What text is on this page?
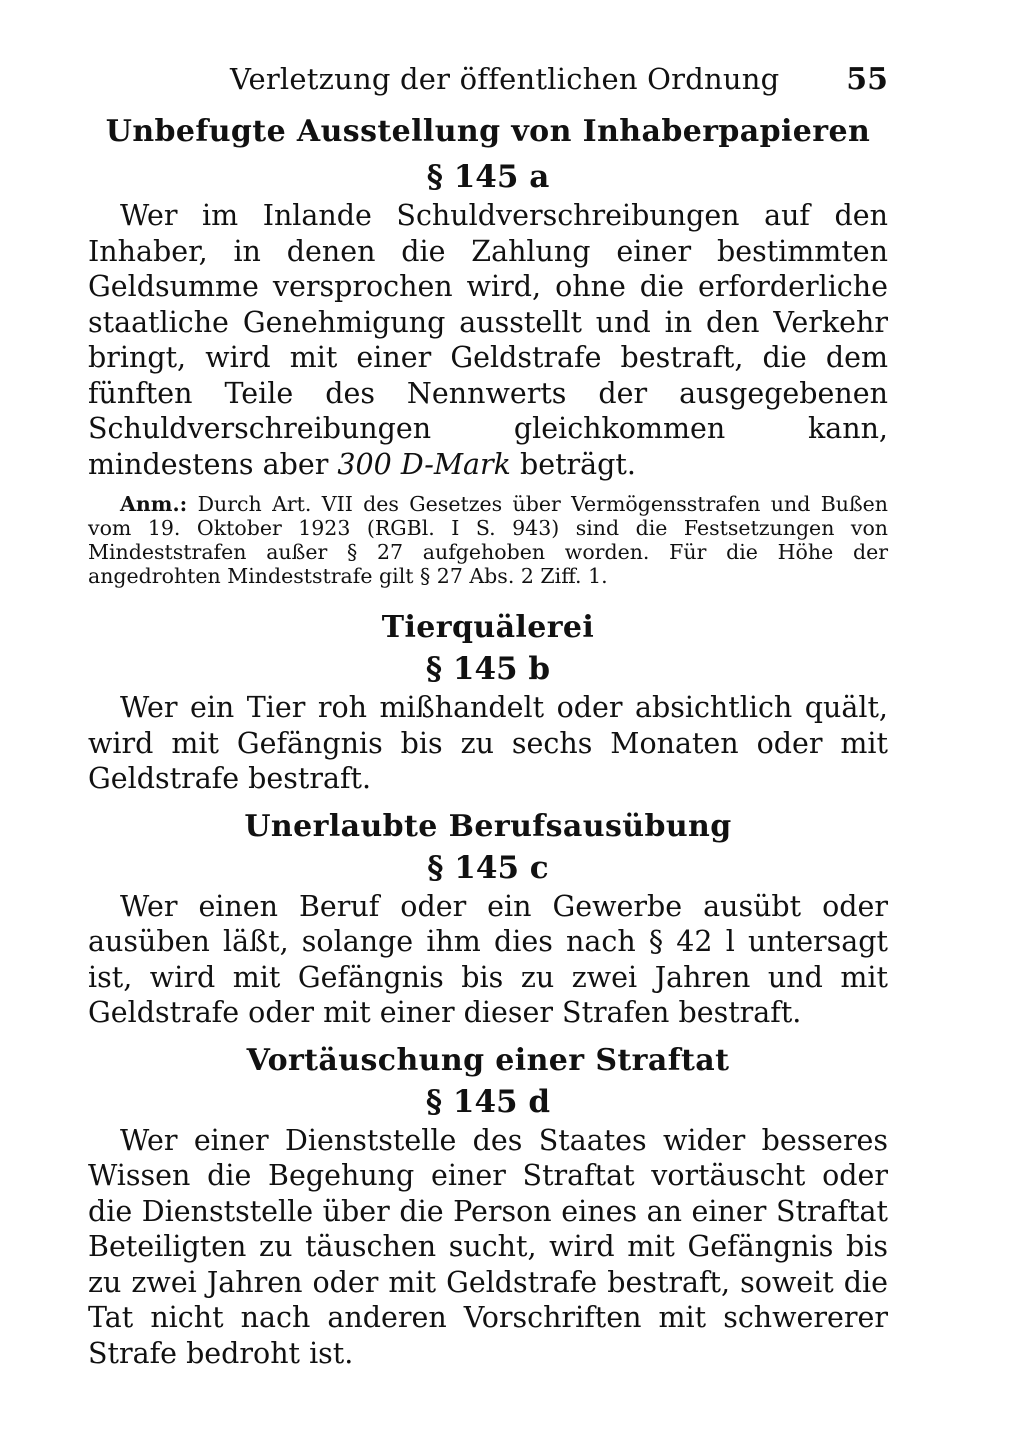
Verletzung der öffentlichen Ordnung 55
Unbefugte Ausstellung von Inhaberpapieren
§ 145 a

Wer im Inlande Schuldverschreibungen auf den Inhaber, in denen die Zahlung einer bestimmten Geldsumme versprochen wird, ohne die erforderliche staatliche Genehmigung ausstellt und in den Verkehr bringt, wird mit einer Geldstrafe bestraft, die dem fünften Teile des Nennwerts der ausgegebenen Schuldverschreibungen gleichkommen kann, mindestens aber 300 D-Mark beträgt.

Anm.: Durch Art. VII des Gesetzes über Vermögensstrafen und Bußen vom 19. Oktober 1923 (RGBl. I S. 943) sind die Festsetzungen von Mindeststrafen außer § 27 aufgehoben worden. Für die Höhe der angedrohten Mindeststrafe gilt § 27 Abs. 2 Ziff. 1.

Tierquälerei
§ 145 b

Wer ein Tier roh mißhandelt oder absichtlich quält, wird mit Gefängnis bis zu sechs Monaten oder mit Geldstrafe bestraft.

Unerlaubte Berufsausübung
§ 145 c

Wer einen Beruf oder ein Gewerbe ausübt oder ausüben läßt, solange ihm dies nach § 42 l untersagt ist, wird mit Gefängnis bis zu zwei Jahren und mit Geldstrafe oder mit einer dieser Strafen bestraft.

Vortäuschung einer Straftat
§ 145 d

Wer einer Dienststelle des Staates wider besseres Wissen die Begehung einer Straftat vortäuscht oder die Dienststelle über die Person eines an einer Straftat Beteiligten zu täuschen sucht, wird mit Gefängnis bis zu zwei Jahren oder mit Geldstrafe bestraft, soweit die Tat nicht nach anderen Vorschriften mit schwererer Strafe bedroht ist.
